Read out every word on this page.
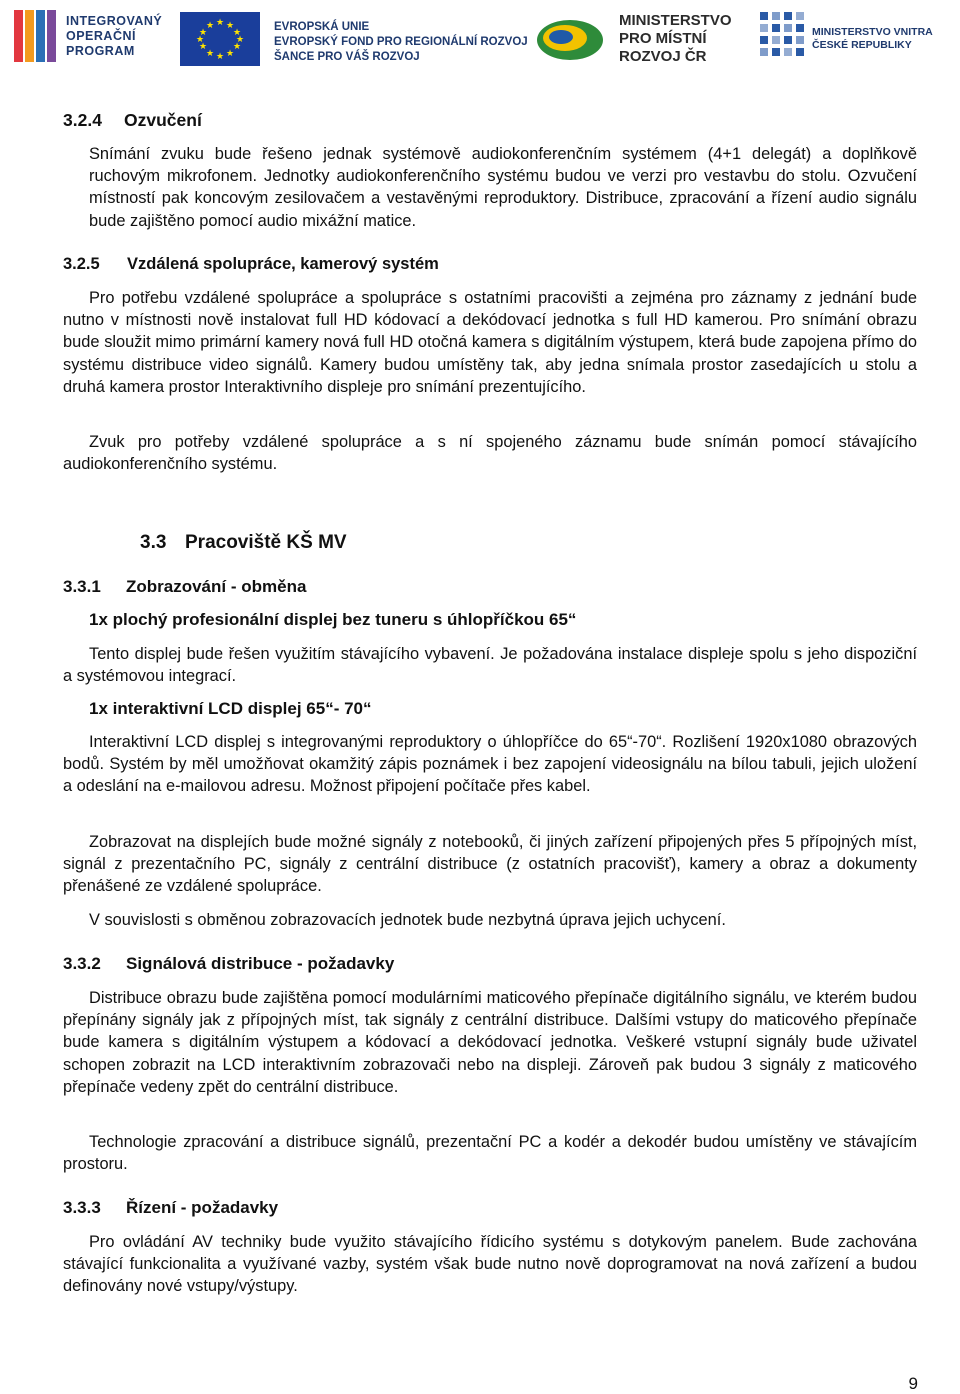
INTEGROVANÝ
OPERAČNÍ
PROGRAM
★ ★
★
★
★
★
★
★
★
★
★
★	EVROPSKÁ UNIE
EVROPSKÝ FOND PRO REGIONÁLNÍ ROZVOJ
ŠANCE PRO VÁŠ ROZVOJ
MINISTERSTVO
PRO MÍSTNÍ
ROZVOJ ČR
MINISTERSTVO VNITRA
ČESKÉ REPUBLIKY
3.2.4 Ozvučení
Snímání zvuku bude řešeno jednak systémově audiokonferenčním systémem (4+1 delegát) a doplňkově ruchovým mikrofonem. Jednotky audiokonferenčního systému budou ve verzi pro vestavbu do stolu. Ozvučení místností pak koncovým zesilovačem a vestavěnými reproduktory. Distribuce, zpracování a řízení audio signálu bude zajištěno pomocí audio mixážní matice.
3.2.5 Vzdálená spolupráce, kamerový systém
Pro potřebu vzdálené spolupráce a spolupráce s ostatními pracovišti a zejména pro záznamy z jednání bude nutno v místnosti nově instalovat full HD kódovací a dekódovací jednotka s full HD kamerou. Pro snímání obrazu bude sloužit mimo primární kamery nová full HD otočná kamera s digitálním výstupem, která bude zapojena přímo do systému distribuce video signálů. Kamery budou umístěny tak, aby jedna snímala prostor zasedajících u stolu a druhá kamera prostor Interaktivního displeje pro snímání prezentujícího.
Zvuk pro potřeby vzdálené spolupráce a s ní spojeného záznamu bude snímán pomocí stávajícího audiokonferenčního systému.
3.3 Pracoviště KŠ MV
3.3.1 Zobrazování - obměna
1x plochý profesionální displej bez tuneru s úhlopříčkou 65“
Tento displej bude řešen využitím stávajícího vybavení. Je požadována instalace displeje spolu s jeho dispoziční a systémovou integrací.
1x interaktivní LCD displej 65“- 70“
Interaktivní LCD displej s integrovanými reproduktory o úhlopříčce do 65“-70“. Rozlišení 1920x1080 obrazových bodů. Systém by měl umožňovat okamžitý zápis poznámek i bez zapojení videosignálu na bílou tabuli, jejich uložení a odeslání na e-mailovou adresu. Možnost připojení počítače přes kabel.
Zobrazovat na displejích bude možné signály z notebooků, či jiných zařízení připojených přes 5 přípojných míst, signál z prezentačního PC, signály z centrální distribuce (z ostatních pracovišť), kamery a obraz a dokumenty přenášené ze vzdálené spolupráce.
V souvislosti s obměnou zobrazovacích jednotek bude nezbytná úprava jejich uchycení.
3.3.2 Signálová distribuce - požadavky
Distribuce obrazu bude zajištěna pomocí modulárními maticového přepínače digitálního signálu, ve kterém budou přepínány signály jak z přípojných míst, tak signály z centrální distribuce. Dalšími vstupy do maticového přepínače bude kamera s digitálním výstupem a kódovací a dekódovací jednotka. Veškeré vstupní signály bude uživatel schopen zobrazit na LCD interaktivním zobrazovači nebo na displeji. Zároveň pak budou 3 signály z maticového přepínače vedeny zpět do centrální distribuce.
Technologie zpracování a distribuce signálů, prezentační PC a kodér a dekodér budou umístěny ve stávajícím prostoru.
3.3.3 Řízení - požadavky
Pro ovládání AV techniky bude využito stávajícího řídicího systému s dotykovým panelem. Bude zachována stávající funkcionalita a využívané vazby, systém však bude nutno nově doprogramovat na nová zařízení a budou definovány nové vstupy/výstupy.
9
